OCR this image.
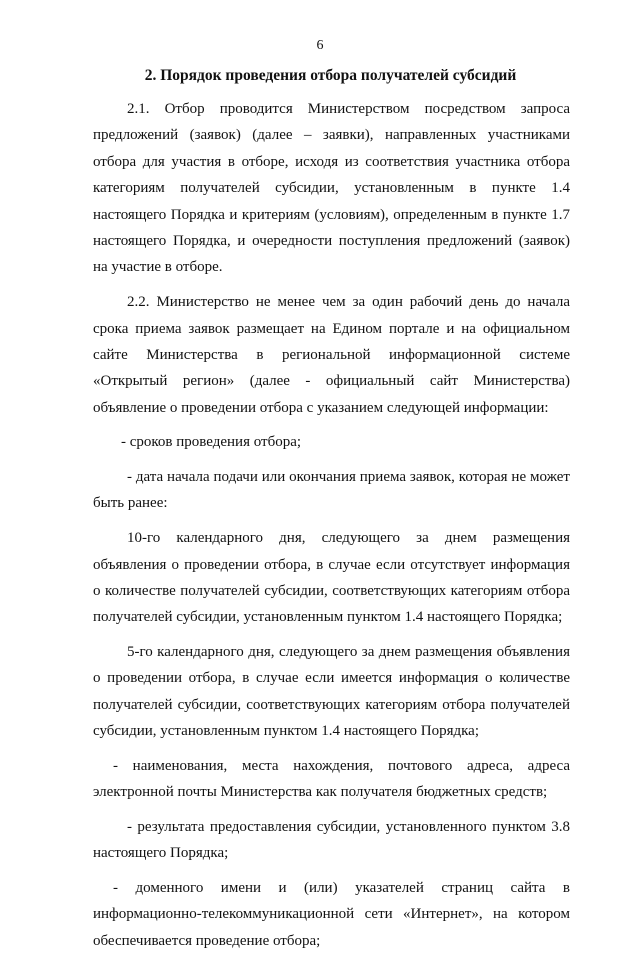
6
2. Порядок проведения отбора получателей субсидий

2.1. Отбор проводится Министерством посредством запроса предложений (заявок) (далее – заявки), направленных участниками отбора для участия в отборе, исходя из соответствия участника отбора категориям получателей субсидии, установленным в пункте 1.4 настоящего Порядка и критериям (условиям), определенным в пункте 1.7 настоящего Порядка, и очередности поступления предложений (заявок) на участие в отборе.

2.2. Министерство не менее чем за один рабочий день до начала срока приема заявок размещает на Едином портале и на официальном сайте Министерства в региональной информационной системе «Открытый регион» (далее - официальный сайт Министерства) объявление о проведении отбора с указанием следующей информации:

- сроков проведения отбора;

- дата начала подачи или окончания приема заявок, которая не может быть ранее:

10-го календарного дня, следующего за днем размещения объявления о проведении отбора, в случае если отсутствует информация о количестве получателей субсидии, соответствующих категориям отбора получателей субсидии, установленным пунктом 1.4 настоящего Порядка;

5-го календарного дня, следующего за днем размещения объявления о проведении отбора, в случае если имеется информация о количестве получателей субсидии, соответствующих категориям отбора получателей субсидии, установленным пунктом 1.4 настоящего Порядка;

- наименования, места нахождения, почтового адреса, адреса электронной почты Министерства как получателя бюджетных средств;

- результата предоставления субсидии, установленного пунктом 3.8 настоящего Порядка;

- доменного имени и (или) указателей страниц сайта в информационно-телекоммуникационной сети «Интернет», на котором обеспечивается проведение отбора;
